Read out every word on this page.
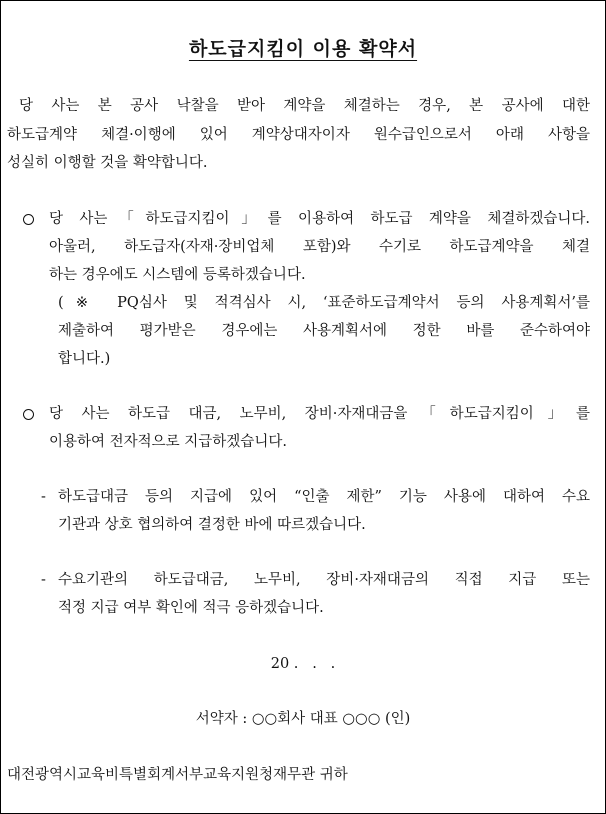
하도급지킴이 이용 확약서
당 사는 본 공사 낙찰을 받아 계약을 체결하는 경우, 본 공사에 대한
하도급계약 체결·이행에 있어 계약상대자이자 원수급인으로서 아래 사항을
성실히 이행할 것을 확약합니다.
당 사는「하도급지킴이」를 이용하여 하도급 계약을 체결하겠습니다.
아울러, 하도급자(자재·장비업체 포함)와 수기로 하도급계약을 체결
하는 경우에도 시스템에 등록하겠습니다.
(※ PQ심사 및 적격심사 시, ‘표준하도급계약서 등의 사용계획서’를
제출하여 평가받은 경우에는 사용계획서에 정한 바를 준수하여야
합니다.)
당 사는 하도급 대금, 노무비, 장비·자재대금을「하도급지킴이」를
이용하여 전자적으로 지급하겠습니다.
- 하도급대금 등의 지급에 있어 “인출 제한” 기능 사용에 대하여 수요
기관과 상호 협의하여 결정한 바에 따르겠습니다.
- 수요기관의 하도급대금, 노무비, 장비·자재대금의 직접 지급 또는
적정 지급 여부 확인에 적극 응하겠습니다.
20 .   .   .
서약자 : ○○회사 대표 ○○○ (인)
대전광역시교육비특별회계서부교육지원청재무관 귀하
